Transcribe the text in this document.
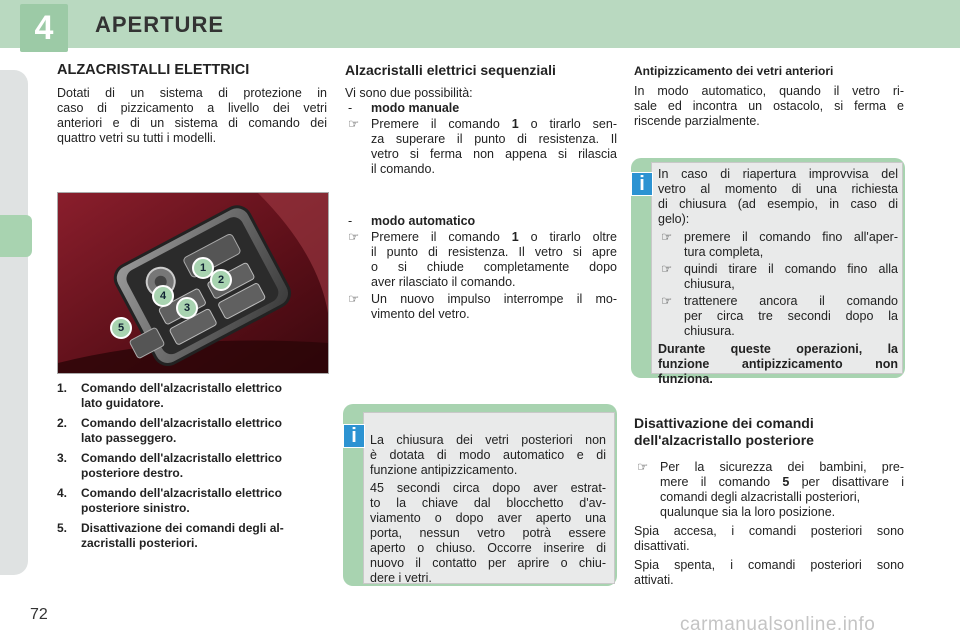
4	APERTURE
ALZACRISTALLI ELETTRICI
Dotati di un sistema di protezione in
caso di pizzicamento a livello dei vetri
anteriori e di un sistema di comando dei
quattro vetri su tutti i modelli.
1
2
3
4
5
1. Comando dell'alzacristallo elettrico
lato guidatore.
2. Comando dell'alzacristallo elettrico
lato passeggero.
3. Comando dell'alzacristallo elettrico
posteriore destro.
4. Comando dell'alzacristallo elettrico
posteriore sinistro.
5. Disattivazione dei comandi degli al-
zacristalli posteriori.
Alzacristalli elettrici sequenziali
Vi sono due possibilità:
- modo manuale
☞ Premere il comando 1 o tirarlo sen-
za superare il punto di resistenza. Il
vetro si ferma non appena si rilascia
il comando.
- modo automatico
☞ Premere il comando 1 o tirarlo oltre
il punto di resistenza. Il vetro si apre
o si chiude completamente dopo
aver rilasciato il comando.
☞ Un nuovo impulso interrompe il mo-
vimento del vetro.

La chiusura dei vetri posteriori non
è dotata di modo automatico e di
funzione antipizzicamento.

45 secondi circa dopo aver estrat-
to la chiave dal blocchetto d'av-
viamento o dopo aver aperto una
porta, nessun vetro potrà essere
aperto o chiuso. Occorre inserire di
nuovo il contatto per aprire o chiu-
dere i vetri.

i
Antipizzicamento dei vetri anteriori
In modo automatico, quando il vetro ri-
sale ed incontra un ostacolo, si ferma e
riscende parzialmente.

In caso di riapertura improvvisa del
vetro al momento di una richiesta
di chiusura (ad esempio, in caso di
gelo):

☞ premere il comando fino all'aper-
tura completa,
☞ quindi tirare il comando fino alla
chiusura,
☞ trattenere ancora il comando
per circa tre secondi dopo la
chiusura.

Durante queste operazioni, la
funzione antipizzicamento non
funziona.

i
Disattivazione dei comandi
dell'alzacristallo posteriore
☞ Per la sicurezza dei bambini, pre-
mere il comando 5 per disattivare i
comandi degli alzacristalli posteriori,
qualunque sia la loro posizione.
Spia accesa, i comandi posteriori sono
disattivati.
Spia spenta, i comandi posteriori sono
attivati.
72	carmanualsonline.info
